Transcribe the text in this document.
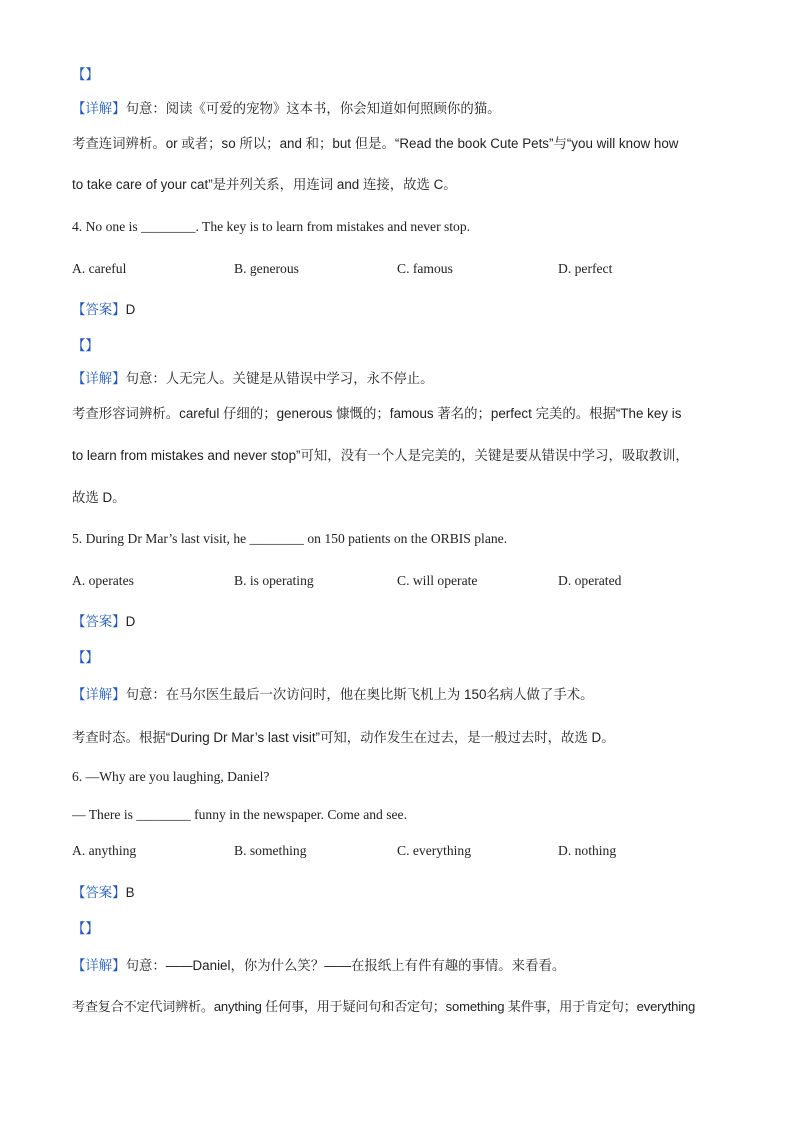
【】
【详解】句意：阅读《可爱的宠物》这本书，你会知道如何照顾你的猫。
考查连词辨析。or 或者；so 所以；and 和；but 但是。“Read the book Cute Pets”与“you will know how
to take care of your cat”是并列关系，用连词 and 连接，故选 C。
4. No one is ________. The key is to learn from mistakes and never stop.
A. careful	B. generous	C. famous	D. perfect
【答案】D
【】
【详解】句意：人无完人。关键是从错误中学习，永不停止。
考查形容词辨析。careful 仔细的；generous 慷慨的；famous 著名的；perfect 完美的。根据“The key is
to learn from mistakes and never stop”可知，没有一个人是完美的，关键是要从错误中学习，吸取教训，
故选 D。
5. During Dr Mar’s last visit, he ________ on 150 patients on the ORBIS plane.
A. operates	B. is operating	C. will operate	D. operated
【答案】D
【】
【详解】句意：在马尔医生最后一次访问时，他在奥比斯飞机上为 150名病人做了手术。
考查时态。根据“During Dr Mar’s last visit”可知，动作发生在过去，是一般过去时，故选 D。
6. —Why are you laughing, Daniel?
— There is ________ funny in the newspaper. Come and see.
A. anything	B. something	C. everything	D. nothing
【答案】B
【】
【详解】句意：——Daniel，你为什么笑？——在报纸上有件有趣的事情。来看看。
考查复合不定代词辨析。anything 任何事，用于疑问句和否定句；something 某件事，用于肯定句；everything
